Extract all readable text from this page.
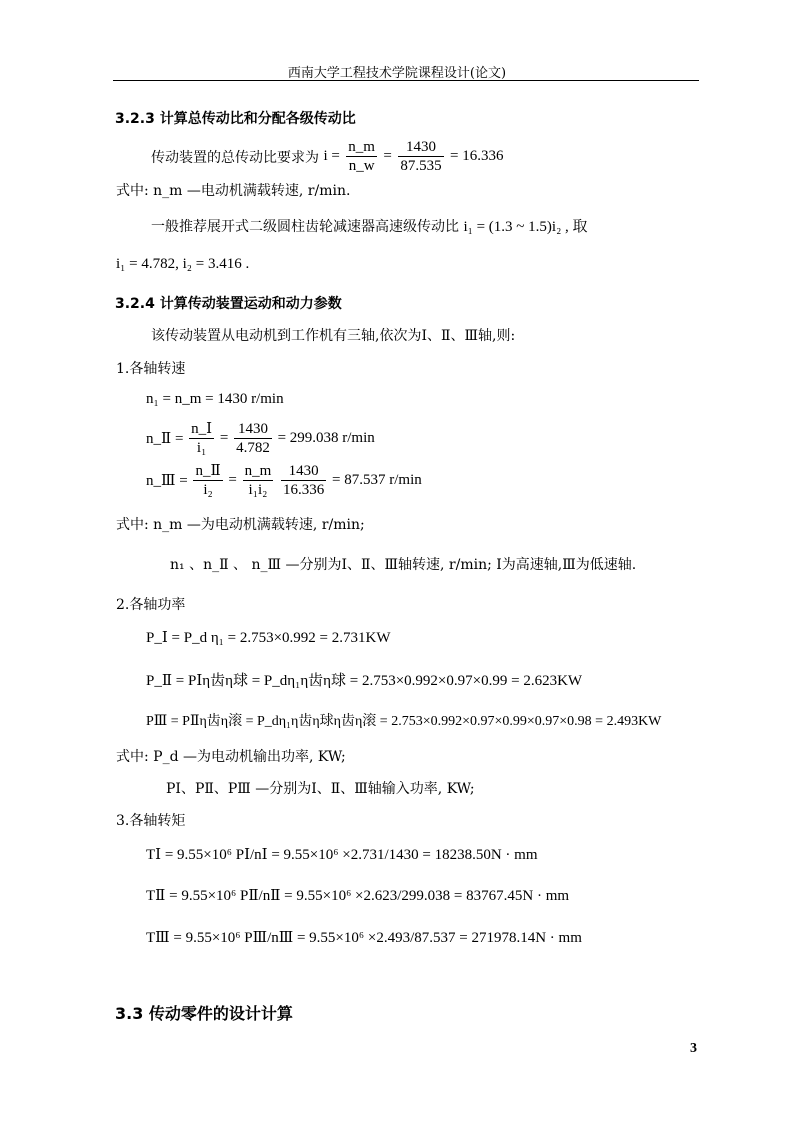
西南大学工程技术学院课程设计(论文)
3.2.3 计算总传动比和分配各级传动比
传动装置的总传动比要求为 $i = \frac{n\_m}{n\_w} = \frac{1430}{87.535} = 16.336$
式中: n_m —电动机满载转速, r/min.
一般推荐展开式二级圆柱齿轮减速器高速级传动比 i₁ = (1.3 ~ 1.5)i₂ , 取
i₁ = 4.782, i₂ = 3.416 .
3.2.4 计算传动装置运动和动力参数
该传动装置从电动机到工作机有三轴,依次为Ⅰ、Ⅱ、Ⅲ轴,则:
1.各轴转速
n₁ = n_m = 1430 r/min
n_Ⅱ = $\frac{\text{n\_Ⅰ}}{\text{i₁}} = \frac{1430}{4.782} = 299.038$ r/min
n_Ⅲ = $\frac{\text{n\_Ⅱ}}{\text{i₂}} = \frac{n\_m}{\text{i₁i₂}}$
$\frac{1430}{16.336} = 87.537$ r/min
式中: n_m —为电动机满载转速, r/min;
n₁ 、n_Ⅱ 、 n_Ⅲ —分别为Ⅰ、Ⅱ、Ⅲ轴转速, r/min; Ⅰ为高速轴,Ⅲ为低速轴.
2.各轴功率
P_Ⅰ = P_d η₁ = 2.753×0.992 = 2.731KW
P_Ⅱ = PⅠη齿η球 = P_dη₁η齿η球 = 2.753×0.992×0.97×0.99 = 2.623KW
PⅢ = PⅡη齿η滚 = P_dη₁η齿η球η齿η滚 = 2.753×0.992×0.97×0.99×0.97×0.98 = 2.493KW
式中: P_d —为电动机输出功率, KW;
PⅠ、PⅡ、PⅢ —分别为Ⅰ、Ⅱ、Ⅲ轴输入功率, KW;
3.各轴转矩
TⅠ = 9.55×10⁶ PⅠ/nⅠ = 9.55×10⁶ ×2.731/1430 = 18238.50N · mm
TⅡ = 9.55×10⁶ PⅡ/nⅡ = 9.55×10⁶ ×2.623/299.038 = 83767.45N · mm
TⅢ = 9.55×10⁶ PⅢ/nⅢ = 9.55×10⁶ ×2.493/87.537 = 271978.14N · mm
3.3 传动零件的设计计算
3
